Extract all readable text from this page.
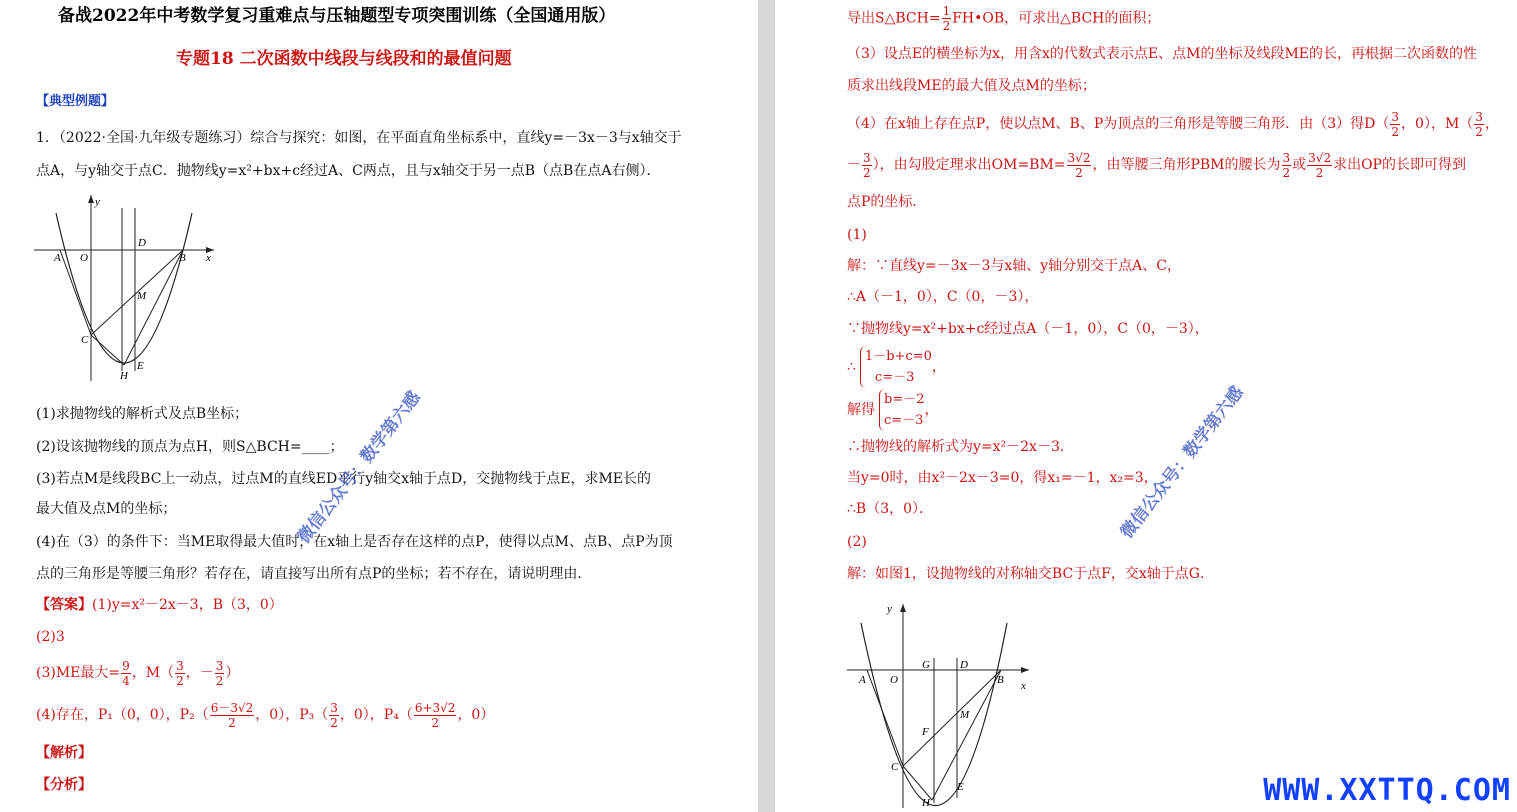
备战2022年中考数学复习重难点与压轴题型专项突围训练（全国通用版）
专题18 二次函数中线段与线段和的最值问题
【典型例题】
1．（2022·全国·九年级专题练习）综合与探究：如图，在平面直角坐标系中，直线y=－3x－3与x轴交于
点A，与y轴交于点C．抛物线y=x²+bx+c经过A、C两点，且与x轴交于另一点B（点B在点A右侧）．
A O
D
B x
y
M
C
H
E
(1)求抛物线的解析式及点B坐标；
(2)设该抛物线的顶点为点H，则S△BCH=____；
(3)若点M是线段BC上一动点，过点M的直线ED平行y轴交x轴于点D，交抛物线于点E，求ME长的
最大值及点M的坐标；
(4)在（3）的条件下：当ME取得最大值时，在x轴上是否存在这样的点P，使得以点M、点B、点P为顶
点的三角形是等腰三角形？若存在，请直接写出所有点P的坐标；若不存在，请说明理由．
【答案】(1)y=x²－2x－3，B（3，0）
(2)3
(3)ME最大= $\frac{9}{4}$ ，$M( \frac{3}{2}$ ，－ $\frac{3}{2}$ ）
(4)存在，P₁（0，0），$P_2( \frac{6-3√2}{2}$ ，0），$P_3( \frac{3}{2}$ ，0），$P_4( \frac{6+3√2}{2}$ ，0）
【解析】
【分析】
微信公众号：数学第六感
导出S△BCH= $\frac{1}{2}$ FH•OB，可求出△BCH的面积；
（3）设点E的横坐标为x，用含x的代数式表示点E、点M的坐标及线段ME的长，再根据二次函数的性
质求出线段ME的最大值及点M的坐标；
（4）在x轴上存在点P，使以点M、B、P为顶点的三角形是等腰三角形．由（3）得$D( \frac{3}{2}$ ，0），$M( \frac{3}{2}$ ，
－ $\frac{3}{2}$ ），由勾股定理求出$OM=BM= \frac{3√2}{2}$ ，由等腰三角形PBM的腰长为 $\frac{3}{2}$ 或 $\frac{3√2}{2}$ 求出OP的长即可得到
点P的坐标．
(1)
解：∵直线y=－3x－3与x轴、y轴分别交于点A、C，
∴A（－1，0），C（0，－3），
∵抛物线y=x²+bx+c经过点A（－1，0），C（0，－3），
∴
1－b+c=0
c=－3
，
解得
b=－2
c=－3
，
∴抛物线的解析式为y=x²－2x－3．
当y=0时，由x²－2x－3=0，得x₁=－1，x₂=3，
∴B（3，0）．
(2)
解：如图1，设抛物线的对称轴交BC于点F，交x轴于点G．
A O
G	D
B x
y
M
F
C
H
E
微信公众号：数学第六感
WWW.XXTTQ.COM
